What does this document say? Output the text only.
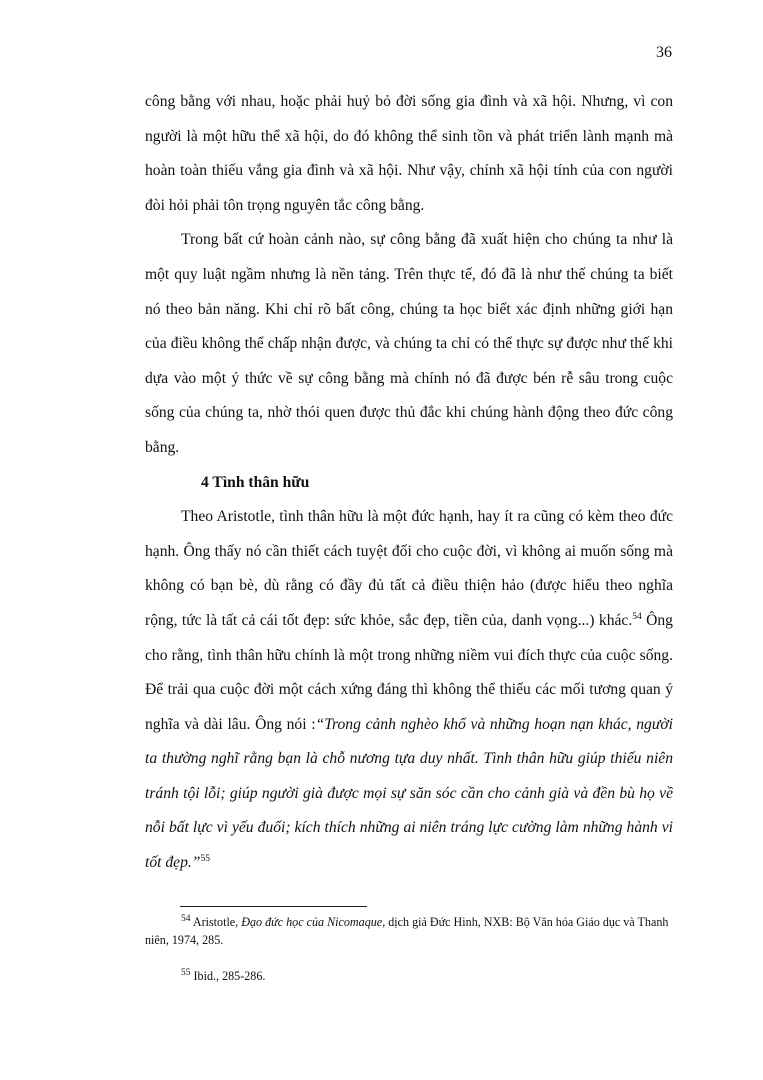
36

công bằng với nhau, hoặc phải huỷ bỏ đời sống gia đình và xã hội. Nhưng, vì con người là một hữu thể xã hội, do đó không thể sinh tồn và phát triển lành mạnh mà hoàn toàn thiếu vắng gia đình và xã hội. Như vậy, chính xã hội tính của con người đòi hỏi phải tôn trọng nguyên tắc công bằng.

Trong bất cứ hoàn cảnh nào, sự công bằng đã xuất hiện cho chúng ta như là một quy luật ngầm nhưng là nền tảng. Trên thực tế, đó đã là như thế chúng ta biết nó theo bản năng. Khi chỉ rõ bất công, chúng ta học biết xác định những giới hạn của điều không thể chấp nhận được, và chúng ta chỉ có thể thực sự được như thế khi dựa vào một ý thức về sự công bằng mà chính nó đã được bén rễ sâu trong cuộc sống của chúng ta, nhờ thói quen được thủ đắc khi chúng hành động theo đức công bằng.

4 Tình thân hữu

Theo Aristotle, tình thân hữu là một đức hạnh, hay ít ra cũng có kèm theo đức hạnh. Ông thấy nó cần thiết cách tuyệt đối cho cuộc đời, vì không ai muốn sống mà không có bạn bè, dù rằng có đầy đủ tất cả điều thiện hảo (được hiểu theo nghĩa rộng, tức là tất cả cái tốt đẹp: sức khỏe, sắc đẹp, tiền của, danh vọng...) khác.$^{54}$ Ông cho rằng, tình thân hữu chính là một trong những niềm vui đích thực của cuộc sống. Để trải qua cuộc đời một cách xứng đáng thì không thể thiếu các mối tương quan ý nghĩa và dài lâu. Ông nói :“Trong cảnh nghèo khổ và những hoạn nạn khác, người ta thường nghĩ rằng bạn là chỗ nương tựa duy nhất. Tình thân hữu giúp thiếu niên tránh tội lỗi; giúp người già được mọi sự săn sóc cần cho cảnh già và đền bù họ về nỗi bất lực vì yếu đuối; kích thích những ai niên tráng lực cường làm những hành vi tốt đẹp.”$^{55}$

$^{54}$ Aristotle, Đạo đức học của Nicomaque, dịch giả Đức Hinh, NXB: Bộ Văn hóa Giáo dục và Thanh niên, 1974, 285.

$^{55}$ Ibid., 285-286.
